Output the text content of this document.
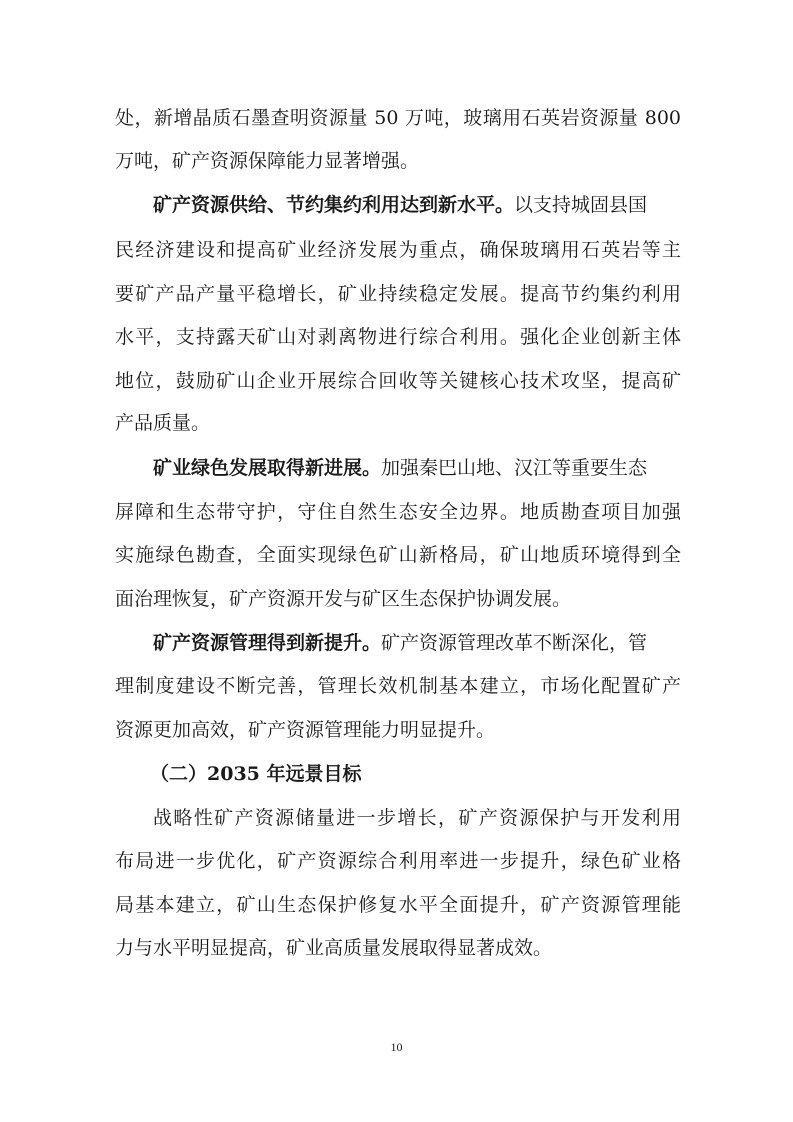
处，新增晶质石墨查明资源量 50 万吨，玻璃用石英岩资源量 800
万吨，矿产资源保障能力显著增强。
矿产资源供给、节约集约利用达到新水平。以支持城固县国
民经济建设和提高矿业经济发展为重点，确保玻璃用石英岩等主
要矿产品产量平稳增长，矿业持续稳定发展。提高节约集约利用
水平，支持露天矿山对剥离物进行综合利用。强化企业创新主体
地位，鼓励矿山企业开展综合回收等关键核心技术攻坚，提高矿
产品质量。
矿业绿色发展取得新进展。加强秦巴山地、汉江等重要生态
屏障和生态带守护，守住自然生态安全边界。地质勘查项目加强
实施绿色勘查，全面实现绿色矿山新格局，矿山地质环境得到全
面治理恢复，矿产资源开发与矿区生态保护协调发展。
矿产资源管理得到新提升。矿产资源管理改革不断深化，管
理制度建设不断完善，管理长效机制基本建立，市场化配置矿产
资源更加高效，矿产资源管理能力明显提升。
（二）2035 年远景目标
战略性矿产资源储量进一步增长，矿产资源保护与开发利用
布局进一步优化，矿产资源综合利用率进一步提升，绿色矿业格
局基本建立，矿山生态保护修复水平全面提升，矿产资源管理能
力与水平明显提高，矿业高质量发展取得显著成效。
10
